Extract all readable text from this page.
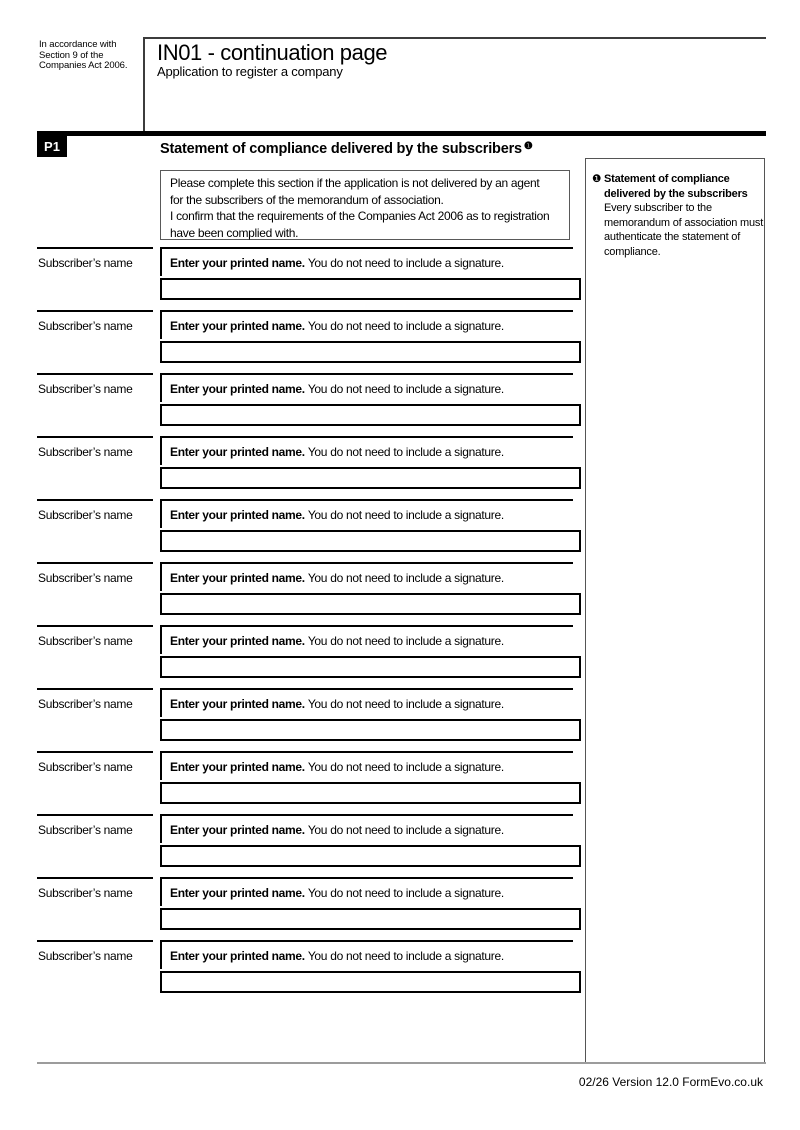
In accordance with
Section 9 of the
Companies Act 2006.
IN01 - continuation page
Application to register a company
P1	Statement of compliance delivered by the subscribers $^❶$
Please complete this section if the application is not delivered by an agent
for the subscribers of the memorandum of association.
I confirm that the requirements of the Companies Act 2006 as to registration
have been complied with.
❶ Statement of compliance
delivered by the subscribers
Every subscriber to the
memorandum of association must
authenticate the statement of
compliance.
Subscriber’s name	Enter your printed name. You do not need to include a signature.
Subscriber’s name	Enter your printed name. You do not need to include a signature.
Subscriber’s name	Enter your printed name. You do not need to include a signature.
Subscriber’s name	Enter your printed name. You do not need to include a signature.
Subscriber’s name	Enter your printed name. You do not need to include a signature.
Subscriber’s name	Enter your printed name. You do not need to include a signature.
Subscriber’s name	Enter your printed name. You do not need to include a signature.
Subscriber’s name	Enter your printed name. You do not need to include a signature.
Subscriber’s name	Enter your printed name. You do not need to include a signature.
Subscriber’s name	Enter your printed name. You do not need to include a signature.
Subscriber’s name	Enter your printed name. You do not need to include a signature.
Subscriber’s name	Enter your printed name. You do not need to include a signature.
02/26 Version 12.0 FormEvo.co.uk
